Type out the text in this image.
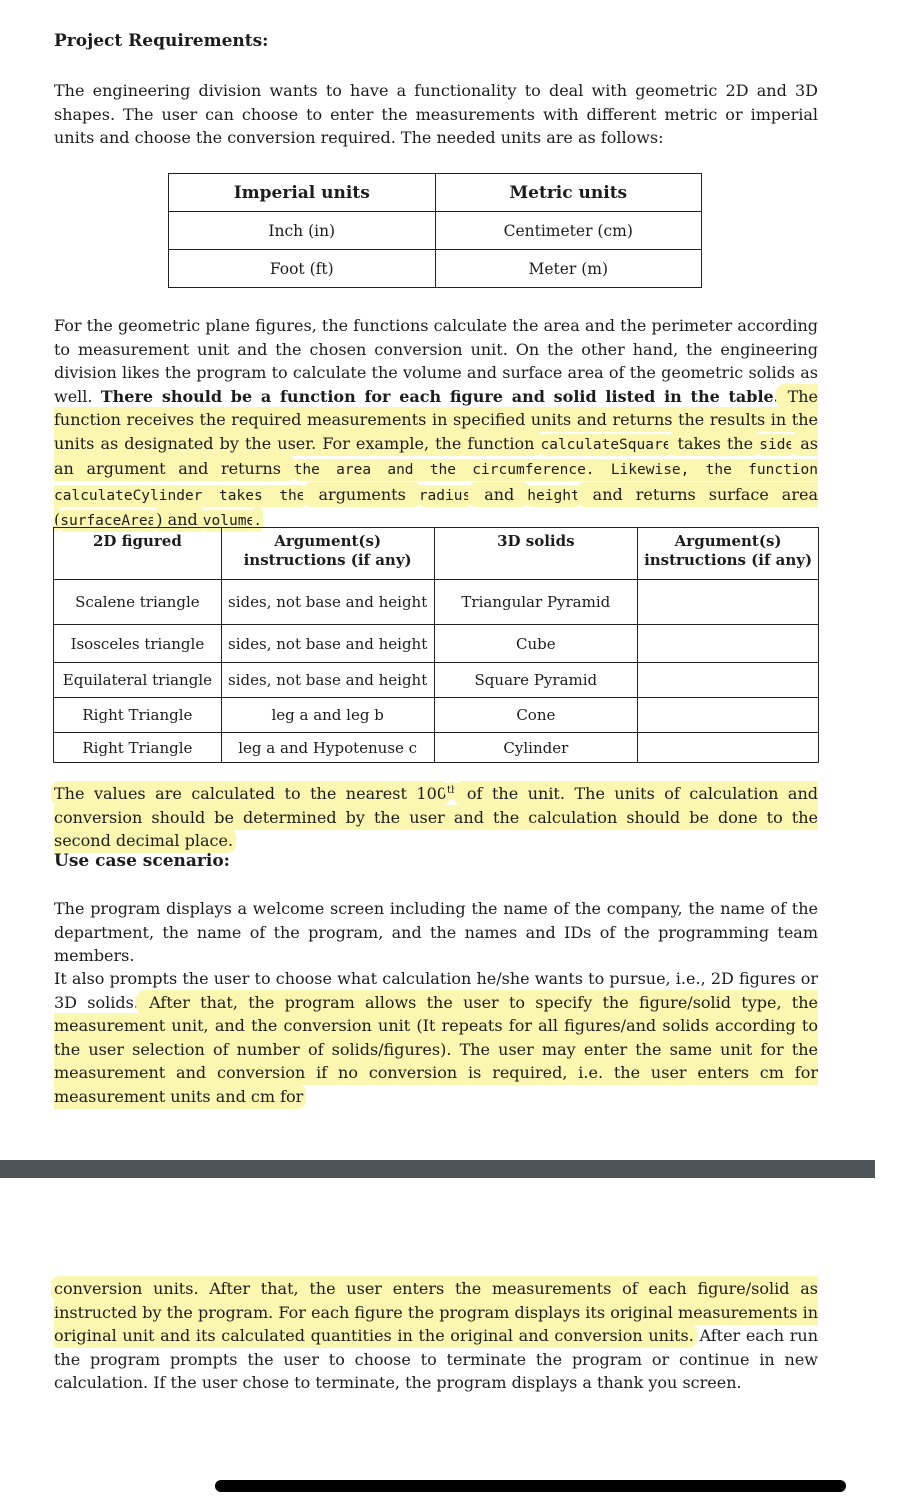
Project Requirements:
The engineering division wants to have a functionality to deal with geometric 2D and 3D shapes. The user can choose to enter the measurements with different metric or imperial units and choose the conversion required. The needed units are as follows:
Imperial units	Metric units
Inch (in)	Centimeter (cm)
Foot (ft)	Meter (m)
For the geometric plane figures, the functions calculate the area and the perimeter according to measurement unit and the chosen conversion unit. On the other hand, the engineering division likes the program to calculate the volume and surface area of the geometric solids as well. There should be a function for each figure and solid listed in the table. The function receives the required measurements in specified units and returns the results in the units as designated by the user. For example, the function calculateSquare takes the side as an argument and returns the area and the circumference. Likewise, the function calculateCylinder takes the arguments radius and height and returns surface area (surfaceArea) and volume.
2D figured	Argument(s) instructions (if any)	3D solids	Argument(s) instructions (if any)
Scalene triangle	sides, not base and height	Triangular Pyramid	
Isosceles triangle	sides, not base and height	Cube	
Equilateral triangle	sides, not base and height	Square Pyramid	
Right Triangle	leg a and leg b	Cone	
Right Triangle	leg a and Hypotenuse c	Cylinder	
The values are calculated to the nearest 100th of the unit. The units of calculation and conversion should be determined by the user and the calculation should be done to the second decimal place.
Use case scenario:
The program displays a welcome screen including the name of the company, the name of the department, the name of the program, and the names and IDs of the programming team members.
It also prompts the user to choose what calculation he/she wants to pursue, i.e., 2D figures or 3D solids. After that, the program allows the user to specify the figure/solid type, the measurement unit, and the conversion unit (It repeats for all figures/and solids according to the user selection of number of solids/figures). The user may enter the same unit for the measurement and conversion if no conversion is required, i.e. the user enters cm for measurement units and cm for
conversion units. After that, the user enters the measurements of each figure/solid as instructed by the program. For each figure the program displays its original measurements in original unit and its calculated quantities in the original and conversion units. After each run the program prompts the user to choose to terminate the program or continue in new calculation. If the user chose to terminate, the program displays a thank you screen.
